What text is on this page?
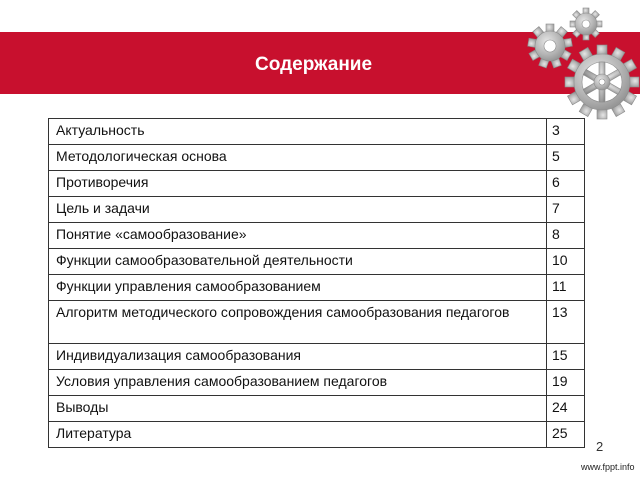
Содержание
Актуальность	3
Методологическая основа	5
Противоречия	6
Цель и задачи	7
Понятие «самообразование»	8
Функции самообразовательной деятельности	10
Функции управления самообразованием	11
Алгоритм методического сопровождения самообразования педагогов	13
Индивидуализация самообразования	15
Условия управления самообразованием педагогов	19
Выводы	24
Литература	25
2
www.fppt.info
